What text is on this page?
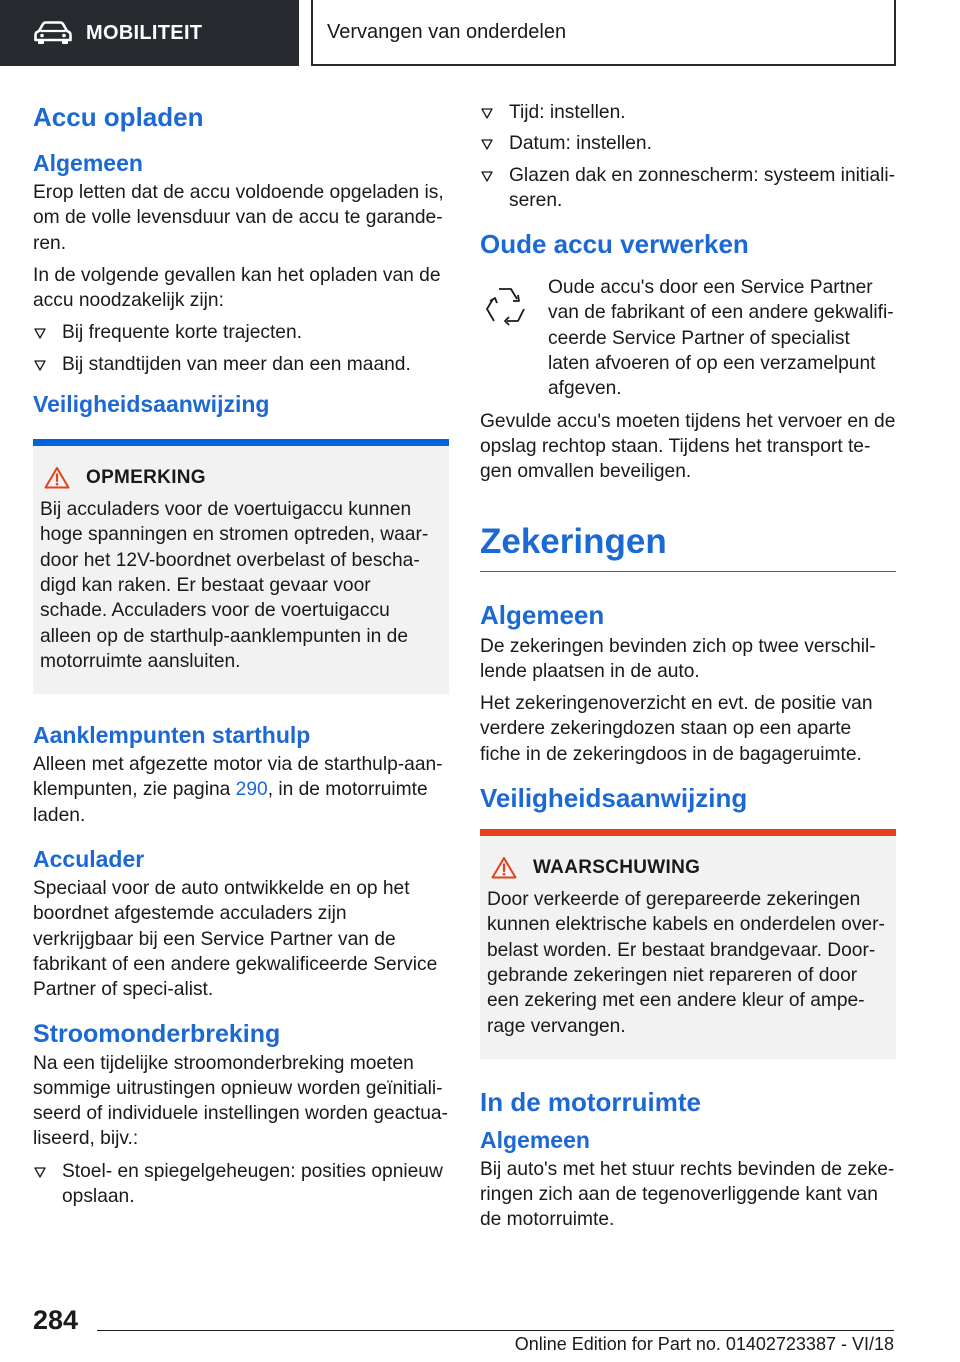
MOBILITEIT	Vervangen van onderdelen
Accu opladen
Algemeen

Erop letten dat de accu voldoende opgeladen is, om de volle levensduur van de accu te garande-ren.

In de volgende gevallen kan het opladen van de accu noodzakelijk zijn:

Bij frequente korte trajecten.
Bij standtijden van meer dan een maand.
Veiligheidsaanwijzing
OPMERKING

Bij acculaders voor de voertuigaccu kunnen hoge spanningen en stromen optreden, waar-door het 12V-boordnet overbelast of bescha-digd kan raken. Er bestaat gevaar voor schade. Acculaders voor de voertuigaccu alleen op de starthulp-aanklempunten in de motorruimte aansluiten.

Aanklempunten starthulp

Alleen met afgezette motor via de starthulp-aan-klempunten, zie pagina 290, in de motorruimte laden.

Acculader

Speciaal voor de auto ontwikkelde en op het boordnet afgestemde acculaders zijn verkrijgbaar bij een Service Partner van de fabrikant of een andere gekwalificeerde Service Partner of speci-alist.

Stroomonderbreking

Na een tijdelijke stroomonderbreking moeten sommige uitrustingen opnieuw worden geïnitiali-seerd of individuele instellingen worden geactua-liseerd, bijv.:

Stoel- en spiegelgeheugen: posities opnieuw opslaan.
Tijd: instellen.
Datum: instellen.
Glazen dak en zonnescherm: systeem initiali-seren.
Oude accu verwerken

Oude accu's door een Service Partner van de fabrikant of een andere gekwalifi-ceerde Service Partner of specialist laten afvoeren of op een verzamelpunt afgeven.

Gevulde accu's moeten tijdens het vervoer en de opslag rechtop staan. Tijdens het transport te-gen omvallen beveiligen.

Zekeringen
Algemeen

De zekeringen bevinden zich op twee verschil-lende plaatsen in de auto.

Het zekeringenoverzicht en evt. de positie van verdere zekeringdozen staan op een aparte fiche in de zekeringdoos in de bagageruimte.

Veiligheidsaanwijzing
WAARSCHUWING

Door verkeerde of gerepareerde zekeringen kunnen elektrische kabels en onderdelen over-belast worden. Er bestaat brandgevaar. Door-gebrande zekeringen niet repareren of door een zekering met een andere kleur of ampe-rage vervangen.

In de motorruimte
Algemeen

Bij auto's met het stuur rechts bevinden de zeke-ringen zich aan de tegenoverliggende kant van de motorruimte.

284
Online Edition for Part no. 01402723387 - VI/18
